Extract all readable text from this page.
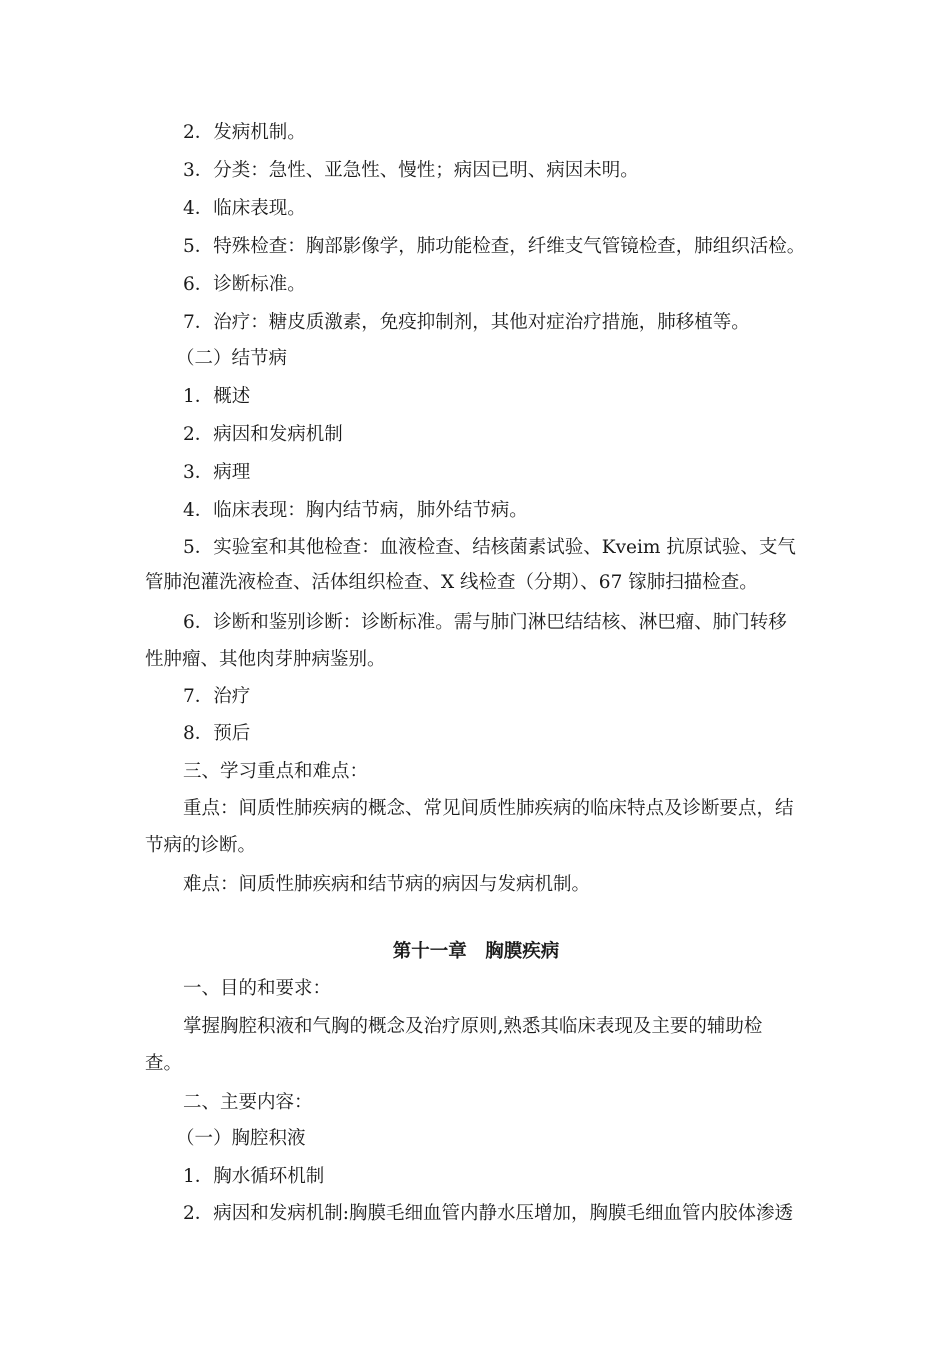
2．发病机制。
3．分类：急性、亚急性、慢性；病因已明、病因未明。
4．临床表现。
5．特殊检查：胸部影像学，肺功能检查，纤维支气管镜检查，肺组织活检。
6．诊断标准。
7．治疗：糖皮质激素，免疫抑制剂，其他对症治疗措施，肺移植等。
（二）结节病
1．概述
2．病因和发病机制
3．病理
4．临床表现：胸内结节病，肺外结节病。
5．实验室和其他检查：血液检查、结核菌素试验、Kveim 抗原试验、支气
管肺泡灌洗液检查、活体组织检查、X 线检查（分期）、67 镓肺扫描检查。
6．诊断和鉴别诊断：诊断标准。需与肺门淋巴结结核、淋巴瘤、肺门转移
性肿瘤、其他肉芽肿病鉴别。
7．治疗
8．预后
三、学习重点和难点：
重点：间质性肺疾病的概念、常见间质性肺疾病的临床特点及诊断要点，结
节病的诊断。
难点：间质性肺疾病和结节病的病因与发病机制。
第十一章　胸膜疾病
一、目的和要求：
掌握胸腔积液和气胸的概念及治疗原则,熟悉其临床表现及主要的辅助检
查。
二、主要内容：
（一）胸腔积液
1．胸水循环机制
2．病因和发病机制:胸膜毛细血管内静水压增加，胸膜毛细血管内胶体渗透
